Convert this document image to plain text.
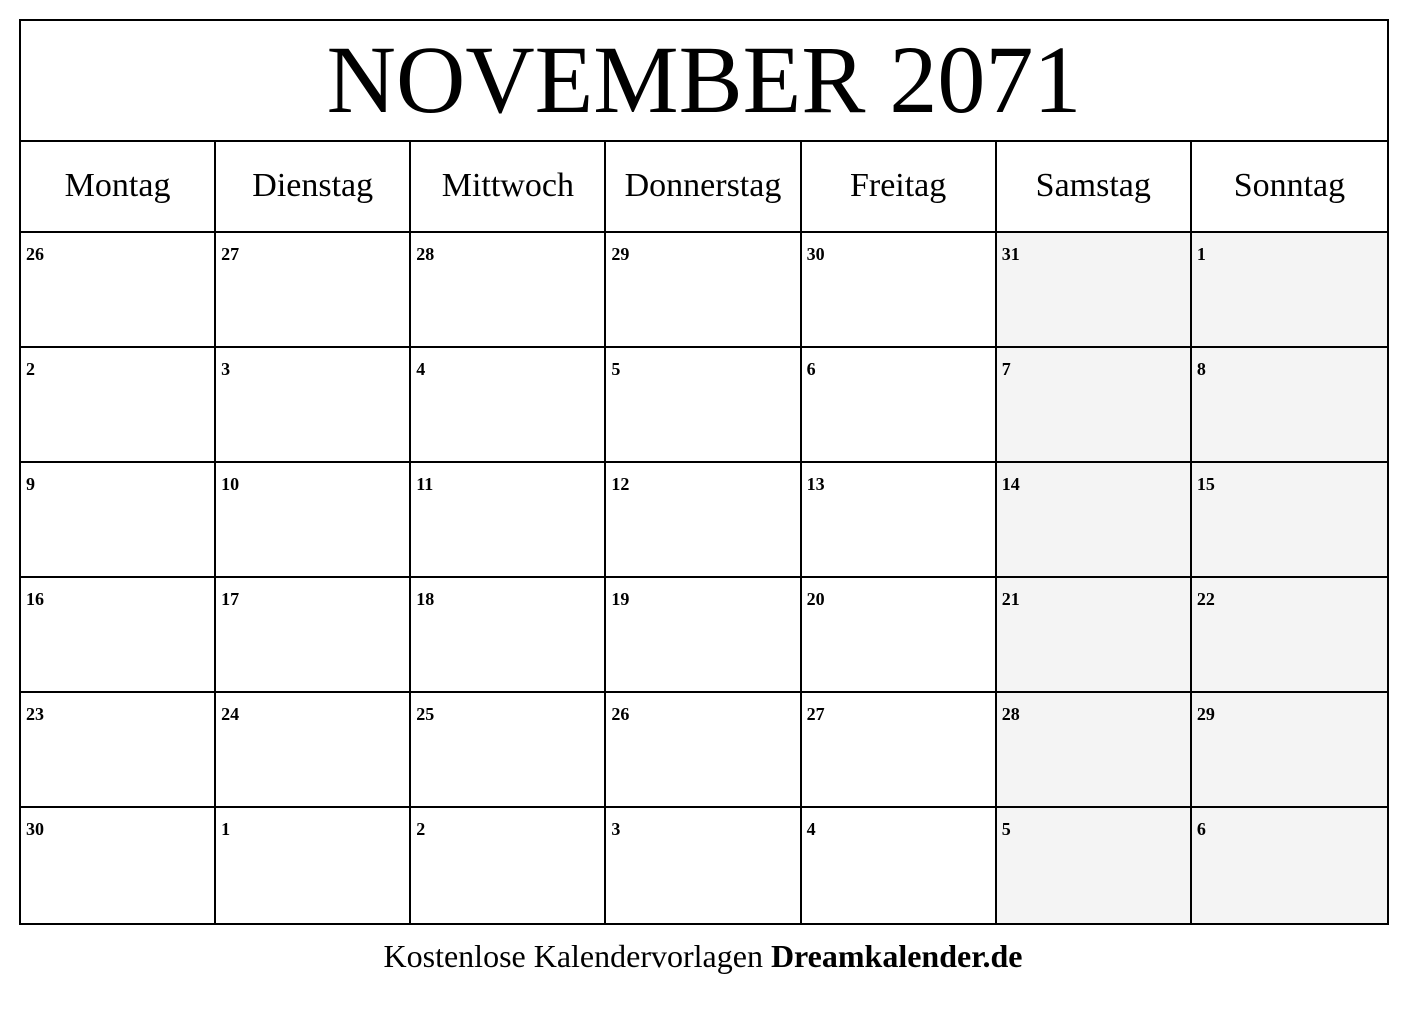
NOVEMBER 2071
Montag	Dienstag	Mittwoch	Donnerstag	Freitag	Samstag	Sonntag
26	27	28	29	30	31	1
2	3	4	5	6	7	8
9	10	11	12	13	14	15
16	17	18	19	20	21	22
23	24	25	26	27	28	29
30	1	2	3	4	5	6
Kostenlose Kalendervorlagen Dreamkalender.de
